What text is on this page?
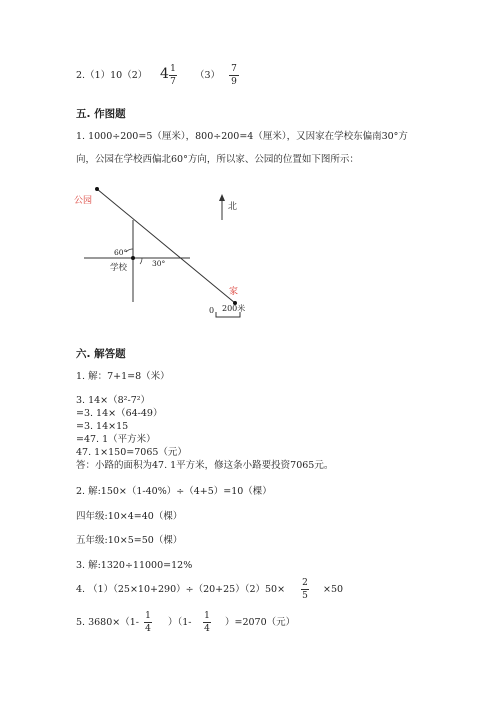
2.（1）10（2） 4 1
7
（3）
7
9
五. 作图题
1. 1000÷200=5（厘米），800÷200=4（厘米），又因家在学校东偏南30°方
向，公园在学校西偏北60°方向，所以家、公园的位置如下图所示：
公园
北
60°
学校	30°
家
0 200米
六. 解答题
1. 解：7+1=8（米）
3. 14×（8²-7²）
=3. 14×（64-49）
=3. 14×15
=47. 1（平方米）
47. 1×150=7065（元）
答：小路的面积为47. 1平方米，修这条小路要投资7065元。
2. 解:150×（1-40%）÷（4+5）=10（棵）
四年级:10×4=40（棵）
五年级:10×5=50（棵）
3. 解:1320÷11000=12%
4. （1）（25×10+290）÷（20+25）（2）50×
2
5
×50
5. 3680×（1-
1
4
）（1-
1
4
）=2070（元）
